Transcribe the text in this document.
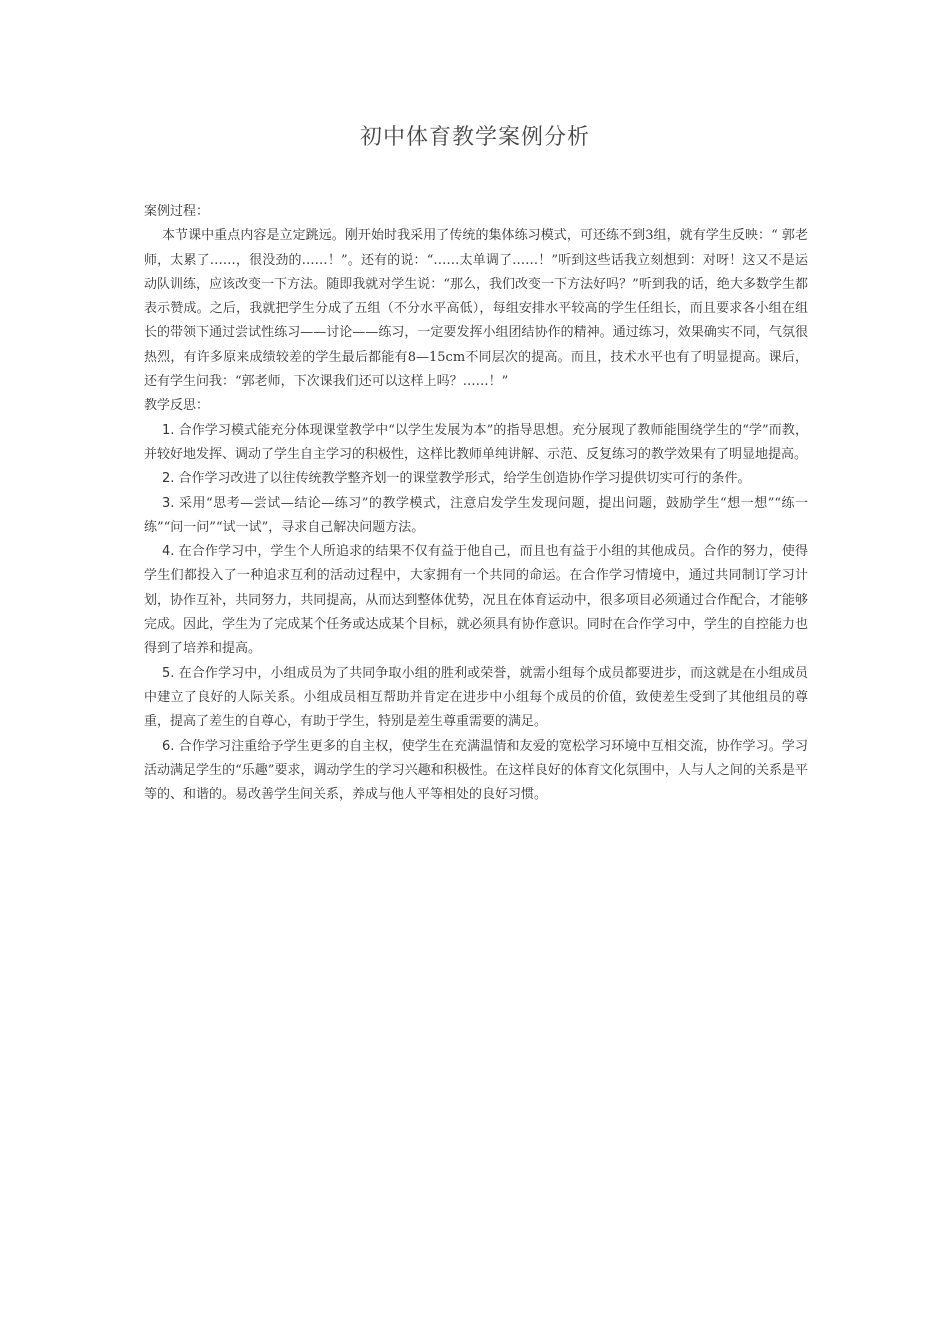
初中体育教学案例分析

案例过程：

本节课中重点内容是立定跳远。刚开始时我采用了传统的集体练习模式，可还练不到3组，就有学生反映：“ 郭老师，太累了……，很没劲的……！”。还有的说：“……太单调了……！”听到这些话我立刻想到：对呀！这又不是运动队训练，应该改变一下方法。随即我就对学生说：“那么，我们改变一下方法好吗？”听到我的话，绝大多数学生都表示赞成。之后，我就把学生分成了五组（不分水平高低），每组安排水平较高的学生任组长，而且要求各小组在组长的带领下通过尝试性练习——讨论——练习，一定要发挥小组团结协作的精神。通过练习，效果确实不同，气氛很热烈，有许多原来成绩较差的学生最后都能有8—15cm不同层次的提高。而且，技术水平也有了明显提高。课后，还有学生问我：“郭老师，下次课我们还可以这样上吗？……！”

教学反思：

1. 合作学习模式能充分体现课堂教学中“以学生发展为本”的指导思想。充分展现了教师能围绕学生的“学”而教，并较好地发挥、调动了学生自主学习的积极性，这样比教师单纯讲解、示范、反复练习的教学效果有了明显地提高。

2. 合作学习改进了以往传统教学整齐划一的课堂教学形式，给学生创造协作学习提供切实可行的条件。

3. 采用“思考—尝试—结论—练习”的教学模式，注意启发学生发现问题，提出问题，鼓励学生“想一想”“练一练”“问一问”“试一试”，寻求自己解决问题方法。

4. 在合作学习中，学生个人所追求的结果不仅有益于他自己，而且也有益于小组的其他成员。合作的努力，使得学生们都投入了一种追求互利的活动过程中，大家拥有一个共同的命运。在合作学习情境中，通过共同制订学习计划，协作互补，共同努力，共同提高，从而达到整体优势，况且在体育运动中，很多项目必须通过合作配合，才能够完成。因此，学生为了完成某个任务或达成某个目标，就必须具有协作意识。同时在合作学习中，学生的自控能力也得到了培养和提高。

5. 在合作学习中，小组成员为了共同争取小组的胜利或荣誉，就需小组每个成员都要进步，而这就是在小组成员中建立了良好的人际关系。小组成员相互帮助并肯定在进步中小组每个成员的价值，致使差生受到了其他组员的尊重，提高了差生的自尊心，有助于学生，特别是差生尊重需要的满足。

6. 合作学习注重给予学生更多的自主权，使学生在充满温情和友爱的宽松学习环境中互相交流，协作学习。学习活动满足学生的“乐趣”要求，调动学生的学习兴趣和积极性。在这样良好的体育文化氛围中，人与人之间的关系是平等的、和谐的。易改善学生间关系，养成与他人平等相处的良好习惯。
